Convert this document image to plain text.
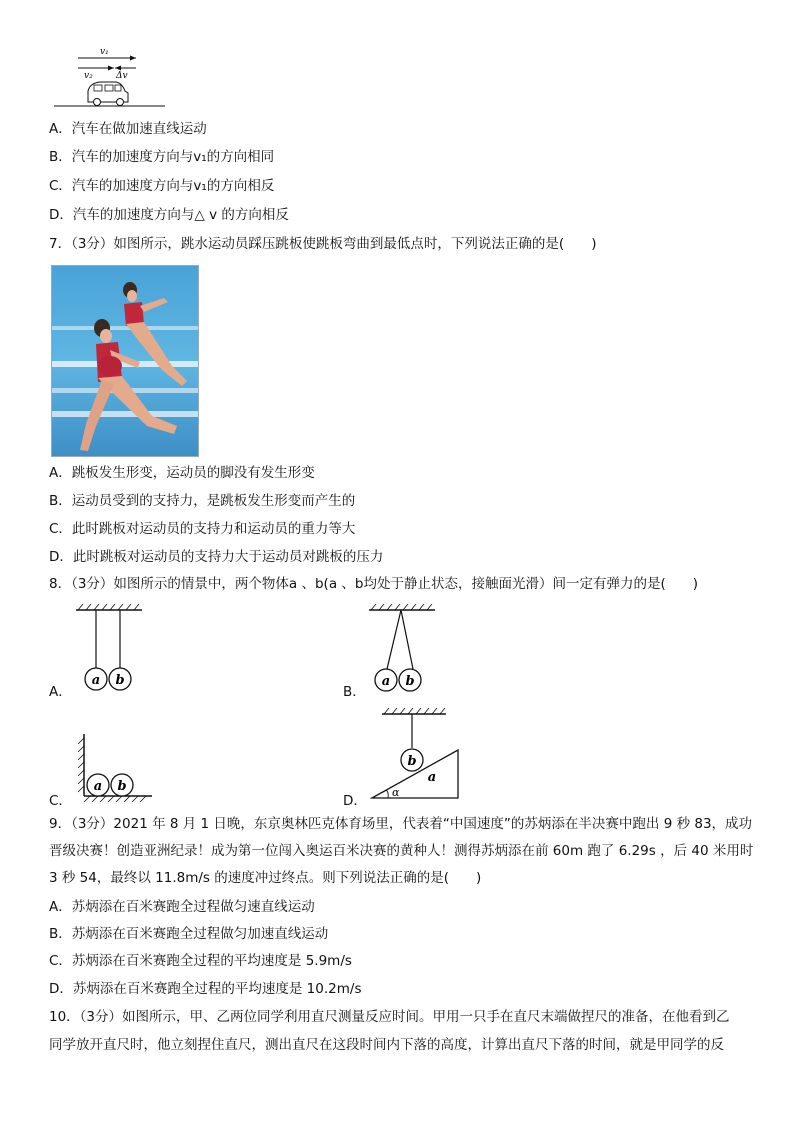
v₁
v₂	Δv
A．汽车在做加速直线运动
B．汽车的加速度方向与v₁的方向相同
C．汽车的加速度方向与v₁的方向相反
D．汽车的加速度方向与△ v 的方向相反
7．（3分）如图所示，跳水运动员踩压跳板使跳板弯曲到最低点时，下列说法正确的是(　　)
A．跳板发生形变，运动员的脚没有发生形变
B．运动员受到的支持力，是跳板发生形变而产生的
C．此时跳板对运动员的支持力和运动员的重力等大
D．此时跳板对运动员的支持力大于运动员对跳板的压力
8．（3分）如图所示的情景中，两个物体a 、b(a 、b均处于静止状态，接触面光滑）间一定有弹力的是(　　)
A．
a b
B．
a b
C．
a b
D．
b
a
α
9．（3分）2021 年 8 月 1 日晚，东京奥林匹克体育场里，代表着“中国速度”的苏炳添在半决赛中跑出 9 秒 83，成功
晋级决赛！创造亚洲纪录！成为第一位闯入奥运百米决赛的黄种人！测得苏炳添在前 60m 跑了 6.29s ，后 40 米用时
3 秒 54，最终以 11.8m/s 的速度冲过终点。则下列说法正确的是(　　)
A．苏炳添在百米赛跑全过程做匀速直线运动
B．苏炳添在百米赛跑全过程做匀加速直线运动
C．苏炳添在百米赛跑全过程的平均速度是 5.9m/s
D．苏炳添在百米赛跑全过程的平均速度是 10.2m/s
10．（3分）如图所示，甲、乙两位同学利用直尺测量反应时间。甲用一只手在直尺末端做捏尺的准备，在他看到乙
同学放开直尺时，他立刻捏住直尺，测出直尺在这段时间内下落的高度，计算出直尺下落的时间，就是甲同学的反
